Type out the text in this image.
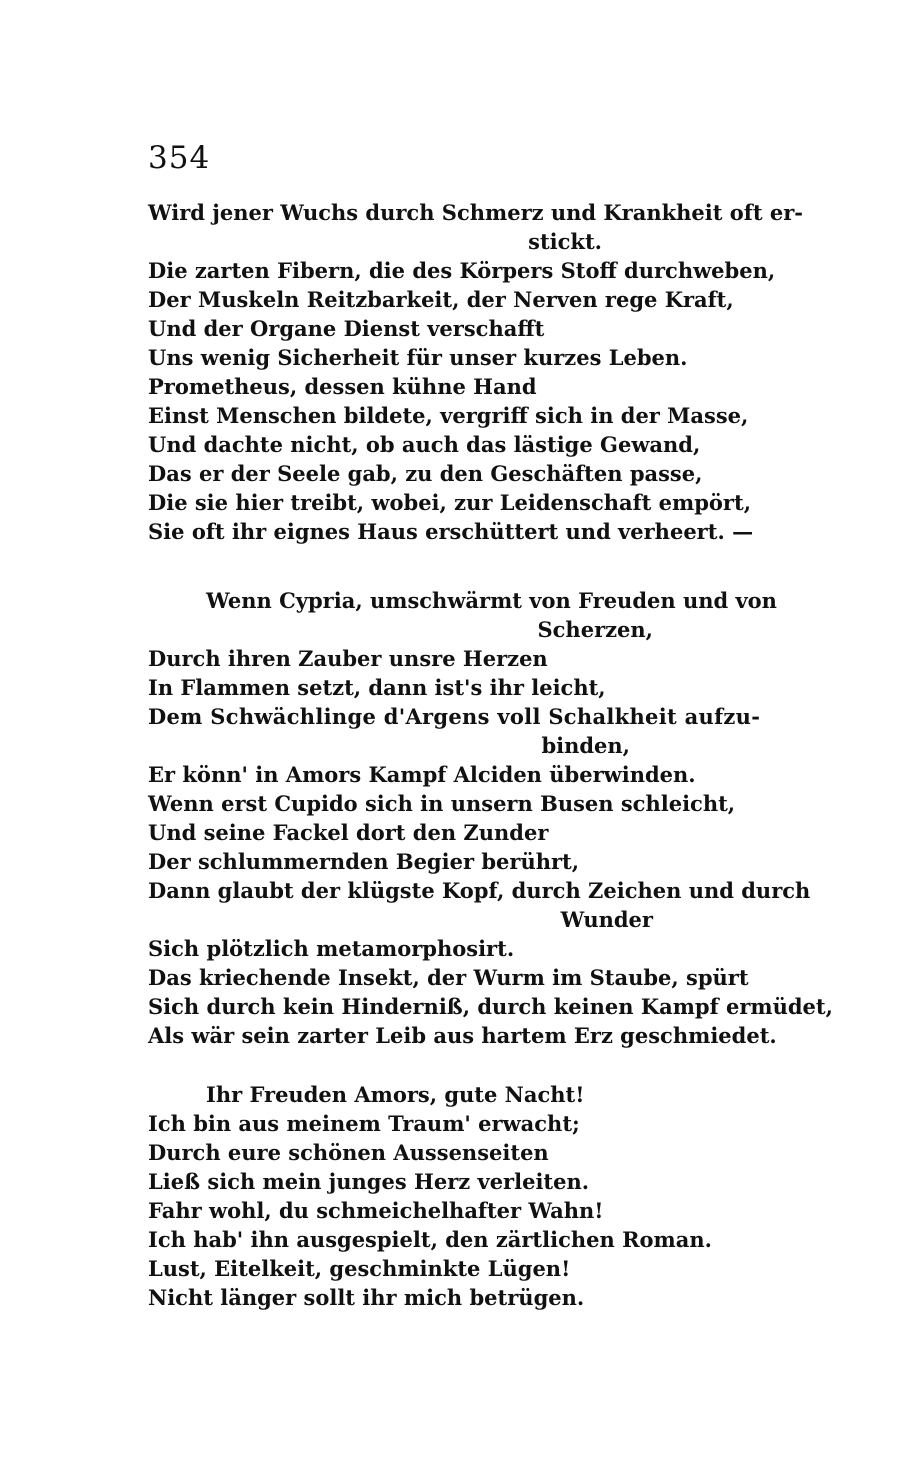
354
Wird jener Wuchs durch Schmerz und Krankheit oft er-
stickt.
Die zarten Fibern, die des Körpers Stoff durchweben,
Der Muskeln Reitzbarkeit, der Nerven rege Kraft,
Und der Organe Dienst verschafft
Uns wenig Sicherheit für unser kurzes Leben.
Prometheus, dessen kühne Hand
Einst Menschen bildete, vergriff sich in der Masse,
Und dachte nicht, ob auch das lästige Gewand,
Das er der Seele gab, zu den Geschäften passe,
Die sie hier treibt, wobei, zur Leidenschaft empört,
Sie oft ihr eignes Haus erschüttert und verheert. —
Wenn Cypria, umschwärmt von Freuden und von
Scherzen,
Durch ihren Zauber unsre Herzen
In Flammen setzt, dann ist's ihr leicht,
Dem Schwächlinge d'Argens voll Schalkheit aufzu-
binden,
Er könn' in Amors Kampf Alciden überwinden.
Wenn erst Cupido sich in unsern Busen schleicht,
Und seine Fackel dort den Zunder
Der schlummernden Begier berührt,
Dann glaubt der klügste Kopf, durch Zeichen und durch
Wunder
Sich plötzlich metamorphosirt.
Das kriechende Insekt, der Wurm im Staube, spürt
Sich durch kein Hinderniß, durch keinen Kampf ermüdet,
Als wär sein zarter Leib aus hartem Erz geschmiedet.
Ihr Freuden Amors, gute Nacht!
Ich bin aus meinem Traum' erwacht;
Durch eure schönen Aussenseiten
Ließ sich mein junges Herz verleiten.
Fahr wohl, du schmeichelhafter Wahn!
Ich hab' ihn ausgespielt, den zärtlichen Roman.
Lust, Eitelkeit, geschminkte Lügen!
Nicht länger sollt ihr mich betrügen.
